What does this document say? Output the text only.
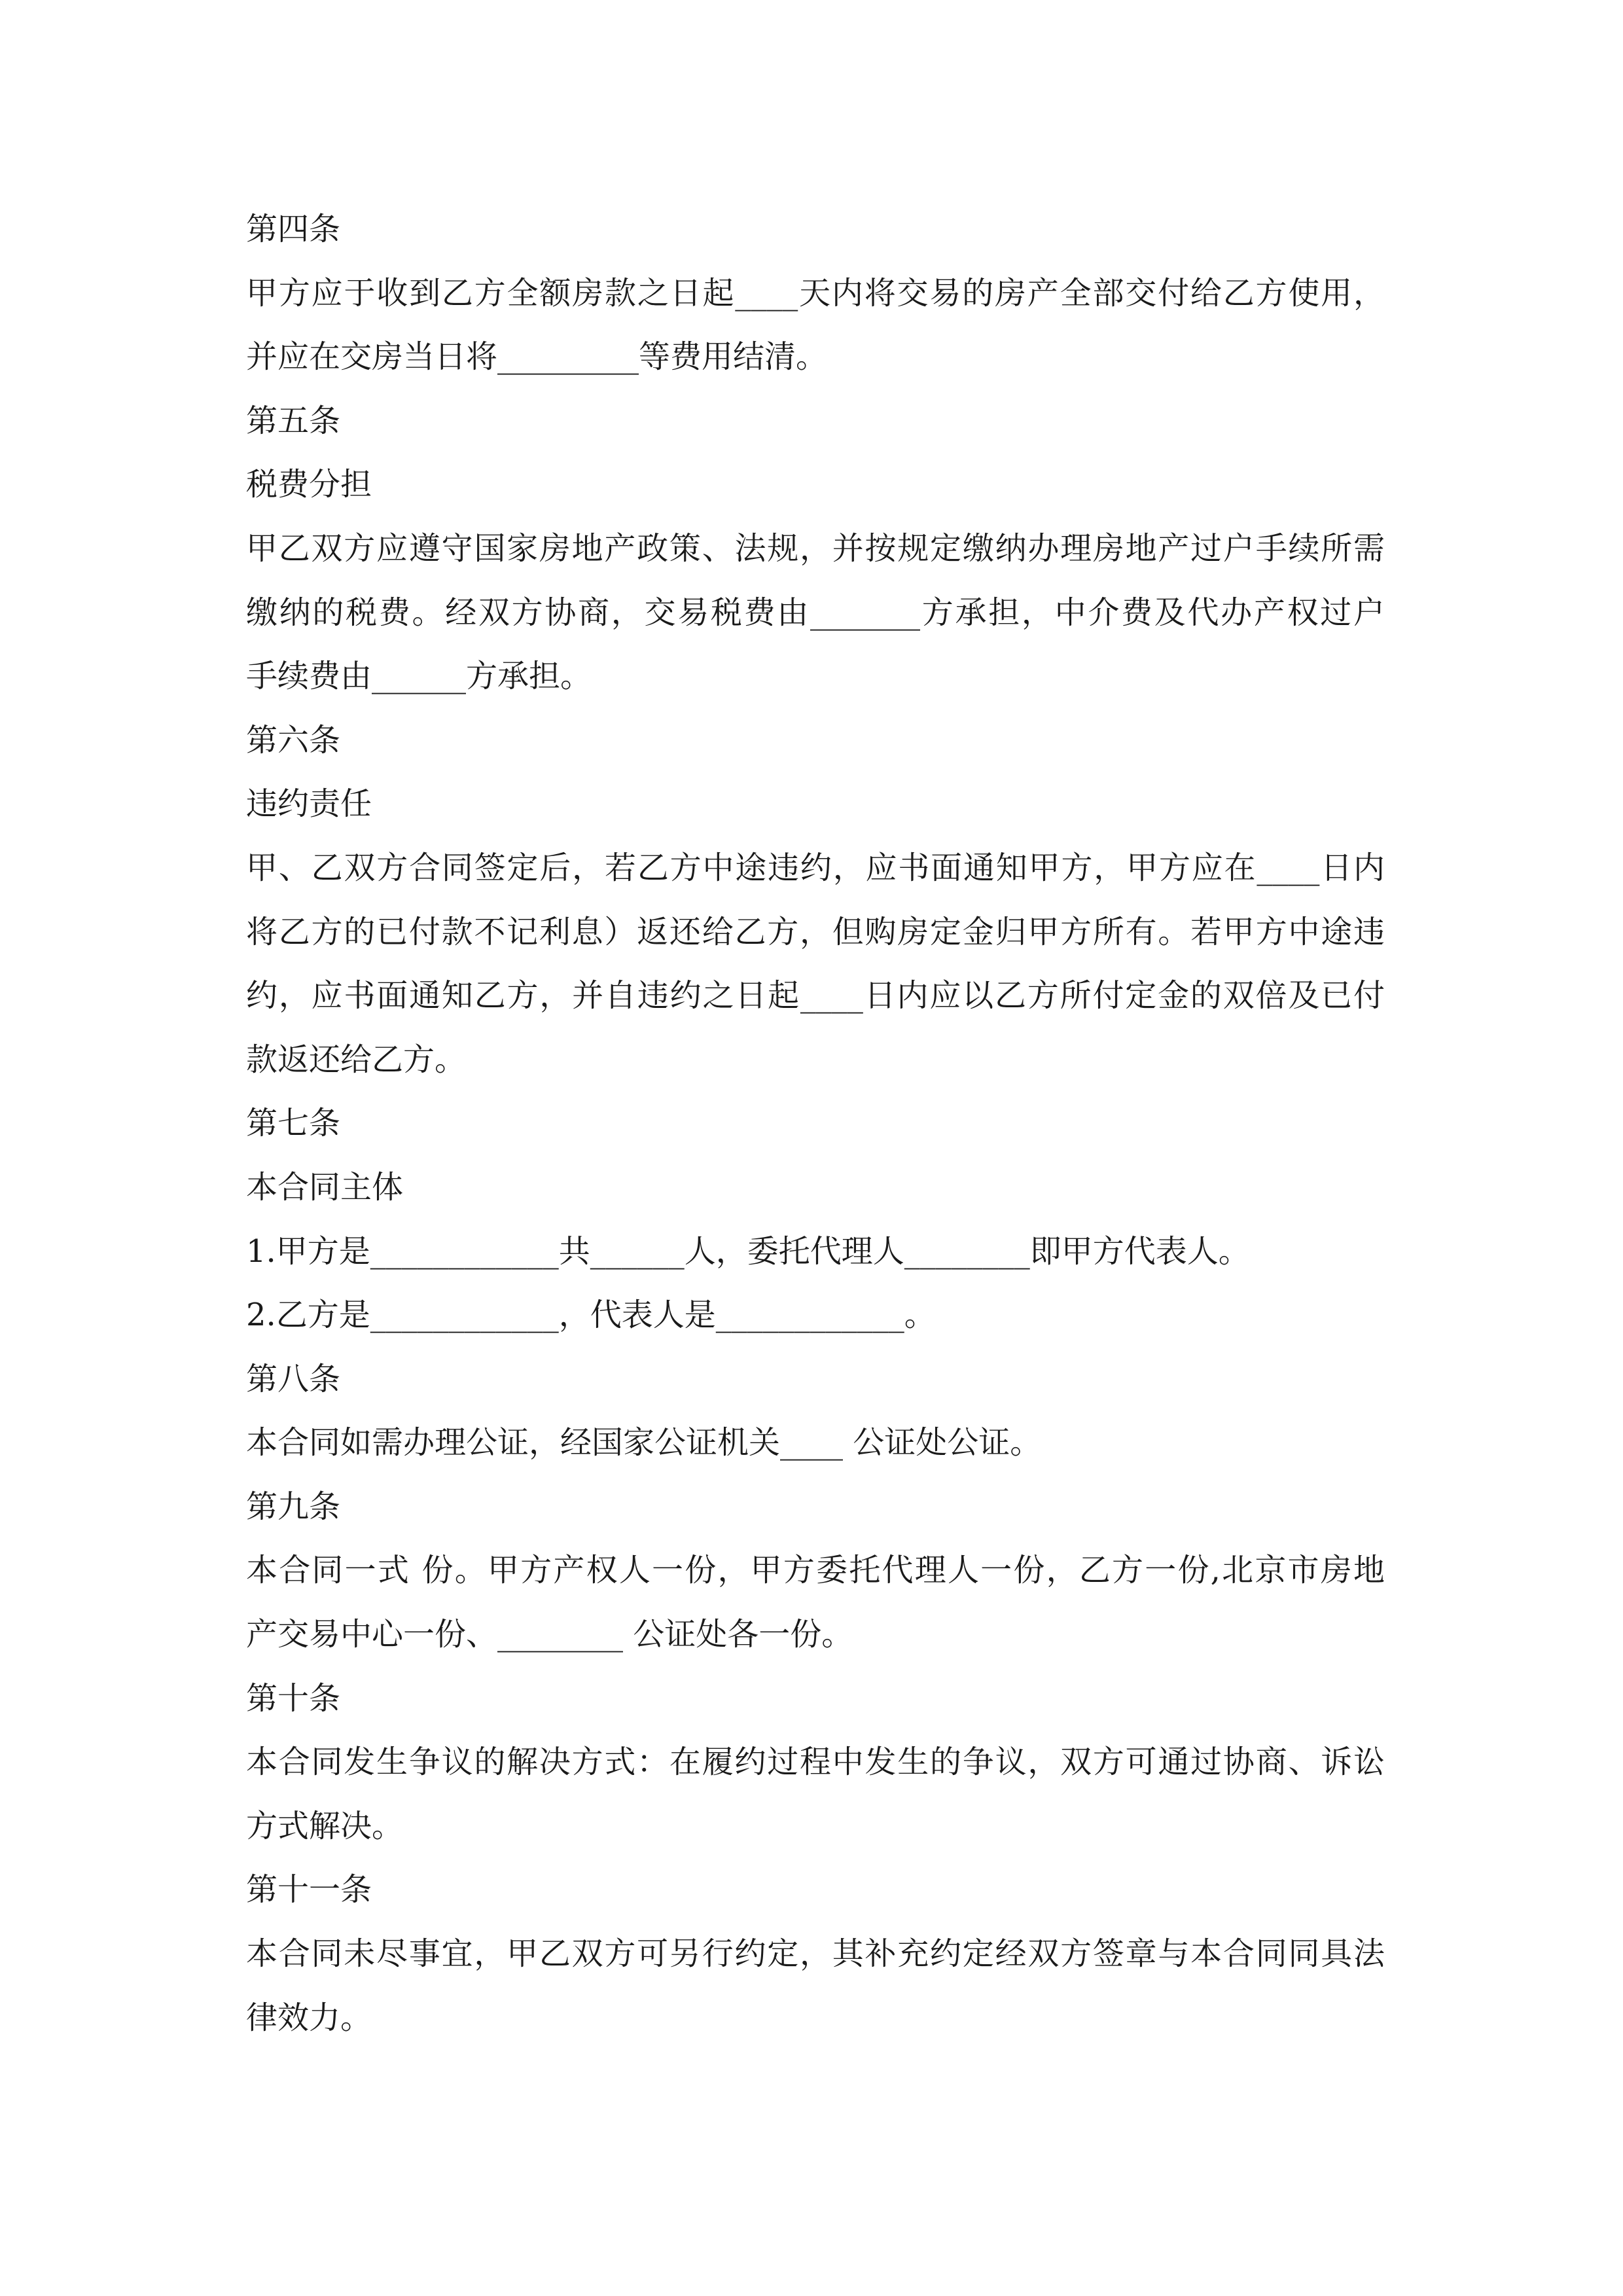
第四条
甲方应于收到乙方全额房款之日起____天内将交易的房产全部交付给乙方使用，
并应在交房当日将_________等费用结清。
第五条
税费分担
甲乙双方应遵守国家房地产政策、法规，并按规定缴纳办理房地产过户手续所需
缴纳的税费。经双方协商，交易税费由_______方承担，中介费及代办产权过户
手续费由______方承担。
第六条
违约责任
甲、乙双方合同签定后，若乙方中途违约，应书面通知甲方，甲方应在____日内
将乙方的已付款不记利息）返还给乙方，但购房定金归甲方所有。若甲方中途违
约，应书面通知乙方，并自违约之日起____日内应以乙方所付定金的双倍及已付
款返还给乙方。
第七条
本合同主体
1.甲方是____________共______人，委托代理人________即甲方代表人。
2.乙方是____________，代表人是____________。
第八条
本合同如需办理公证，经国家公证机关____ 公证处公证。
第九条
本合同一式 份。甲方产权人一份，甲方委托代理人一份，乙方一份,北京市房地
产交易中心一份、________ 公证处各一份。
第十条
本合同发生争议的解决方式：在履约过程中发生的争议，双方可通过协商、诉讼
方式解决。
第十一条
本合同未尽事宜，甲乙双方可另行约定，其补充约定经双方签章与本合同同具法
律效力。
